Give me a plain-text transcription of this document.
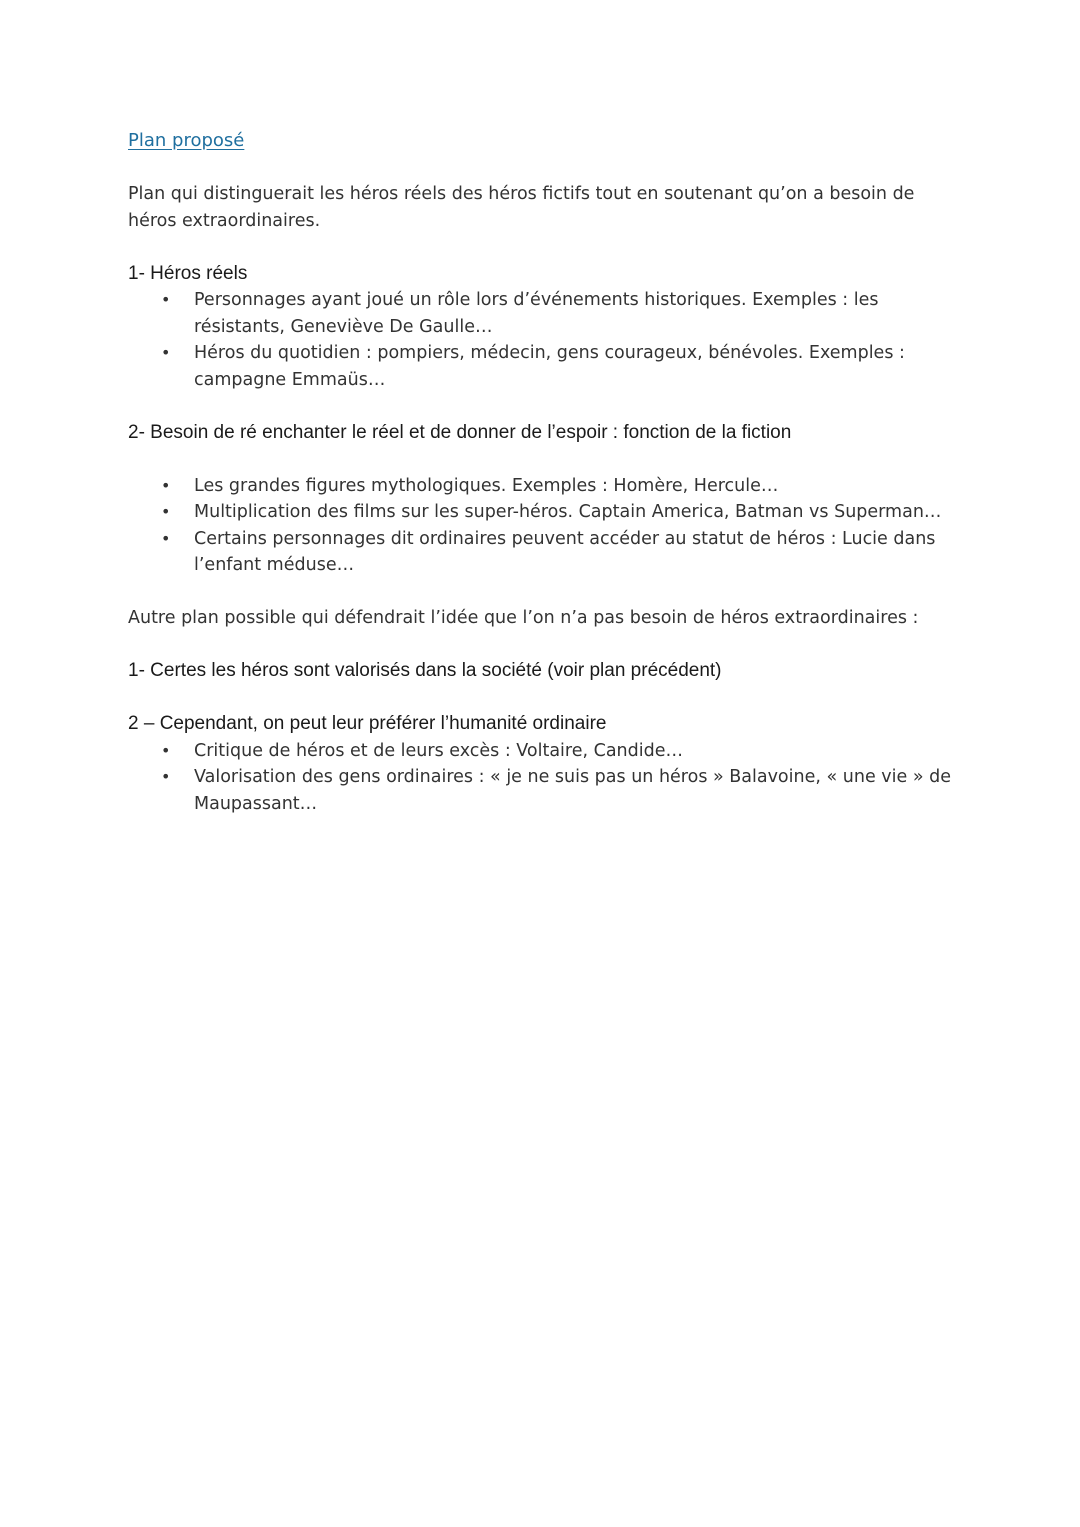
Plan proposé

Plan qui distinguerait les héros réels des héros fictifs tout en soutenant qu’on a besoin de

héros extraordinaires.

1- Héros réels

• Personnages ayant joué un rôle lors d’événements historiques. Exemples : les
résistants, Geneviève De Gaulle…
• Héros du quotidien : pompiers, médecin, gens courageux, bénévoles. Exemples :
campagne Emmaüs…

2- Besoin de ré enchanter le réel et de donner de l’espoir : fonction de la fiction

• Les grandes figures mythologiques. Exemples : Homère, Hercule…
• Multiplication des films sur les super-héros. Captain America, Batman vs Superman…
• Certains personnages dit ordinaires peuvent accéder au statut de héros : Lucie dans
l’enfant méduse…

Autre plan possible qui défendrait l’idée que l’on n’a pas besoin de héros extraordinaires :

1- Certes les héros sont valorisés dans la société (voir plan précédent)

2 – Cependant, on peut leur préférer l’humanité ordinaire

• Critique de héros et de leurs excès : Voltaire, Candide…
• Valorisation des gens ordinaires : « je ne suis pas un héros » Balavoine, « une vie » de
Maupassant…
